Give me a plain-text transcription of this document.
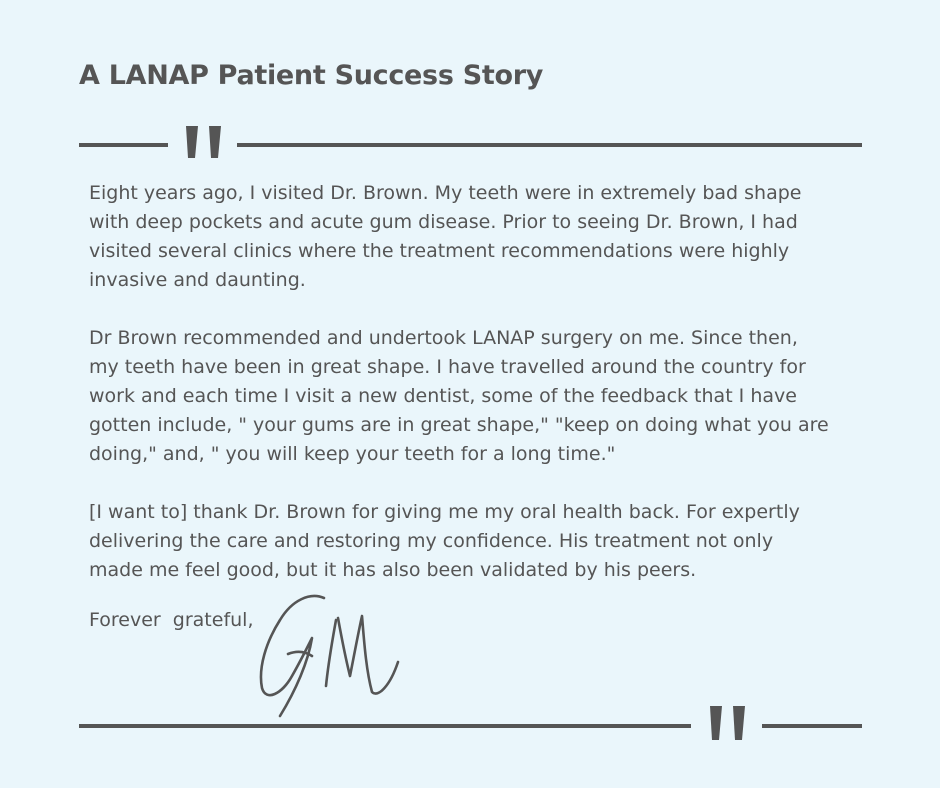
A LANAP Patient Success Story

Eight years ago, I visited Dr. Brown. My teeth were in extremely bad shape with deep pockets and acute gum disease. Prior to seeing Dr. Brown, I had visited several clinics where the treatment recommendations were highly invasive and daunting.

Dr Brown recommended and undertook LANAP surgery on me. Since then, my teeth have been in great shape. I have travelled around the country for work and each time I visit a new dentist, some of the feedback that I have gotten include, " your gums are in great shape," "keep on doing what you are doing," and, " you will keep your teeth for a long time."

[I want to] thank Dr. Brown for giving me my oral health back. For expertly delivering the care and restoring my confidence. His treatment not only made me feel good, but it has also been validated by his peers.

Forever  grateful,
